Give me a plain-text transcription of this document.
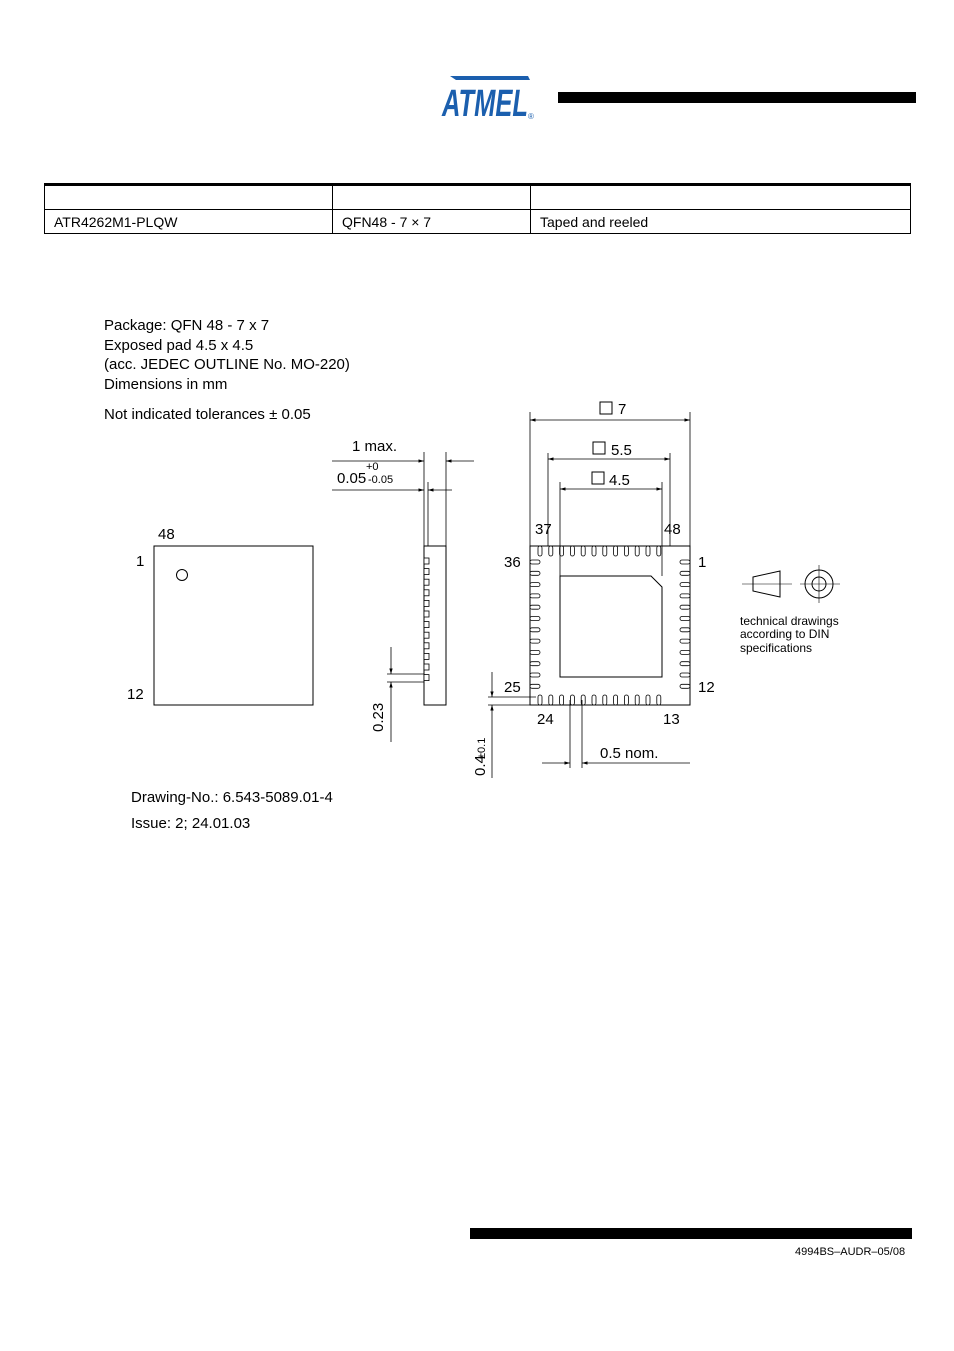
ATMEL ®

ATR4262M1-PLQW	QFN48 - 7 × 7	Taped and reeled
Package: QFN 48 - 7 x 7
Exposed pad 4.5 x 4.5
(acc. JEDEC OUTLINE No. MO-220)
Dimensions in mm
Not indicated tolerances ± 0.05
48
1
12
1 max.
0.05
+0
-0.05
0.23
7
5.5
4.5
37	48
36	1
25	12
24	13
0.5 nom.
0.4
±0.1
technical drawings
according to DIN
specifications
Drawing-No.: 6.543-5089.01-4
Issue: 2; 24.01.03
4994BS–AUDR–05/08
